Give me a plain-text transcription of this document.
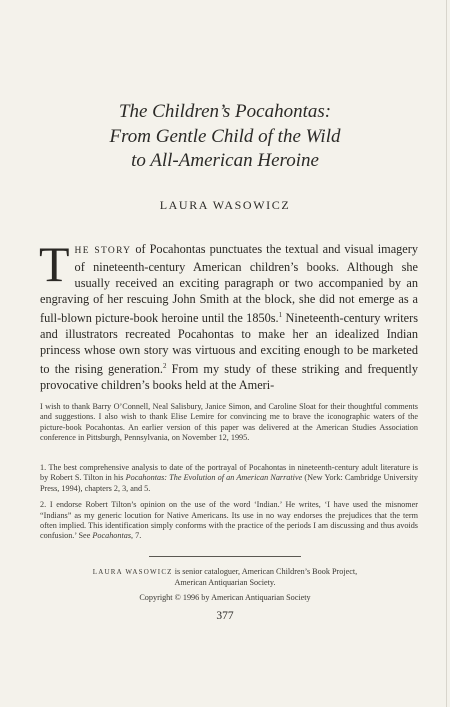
The Children’s Pocahontas:
From Gentle Child of the Wild
to All-American Heroine
LAURA WASOWICZ
THE STORY of Pocahontas punctuates the textual and visual imagery of nineteenth-century American children’s books. Although she usually received an exciting paragraph or two accompanied by an engraving of her rescuing John Smith at the block, she did not emerge as a full-blown picture-book heroine until the 1850s.$^1$ Nineteenth-century writers and illustrators recreated Pocahontas to make her an idealized Indian princess whose own story was virtuous and exciting enough to be marketed to the rising generation.$^2$ From my study of these striking and frequently provocative children’s books held at the Ameri-
I wish to thank Barry O’Connell, Neal Salisbury, Janice Simon, and Caroline Sloat for their thoughtful comments and suggestions. I also wish to thank Elise Lemire for convincing me to brave the iconographic waters of the picture-book Pocahontas. An earlier version of this paper was delivered at the American Studies Association conference in Pittsburgh, Pennsylvania, on November 12, 1995.

1. The best comprehensive analysis to date of the portrayal of Pocahontas in nineteenth-century adult literature is by Robert S. Tilton in his Pocahontas: The Evolution of an American Narrative (New York: Cambridge University Press, 1994), chapters 2, 3, and 5.

2. I endorse Robert Tilton’s opinion on the use of the word ‘Indian.’ He writes, ‘I have used the misnomer “Indians” as my generic locution for Native Americans. Its use in no way endorses the prejudices that the term often implied. This identification simply conforms with the practice of the periods I am discussing and thus avoids confusion.’ See Pocahontas, 7.

LAURA WASOWICZ is senior cataloguer, American Children’s Book Project,
American Antiquarian Society.
Copyright © 1996 by American Antiquarian Society
377
